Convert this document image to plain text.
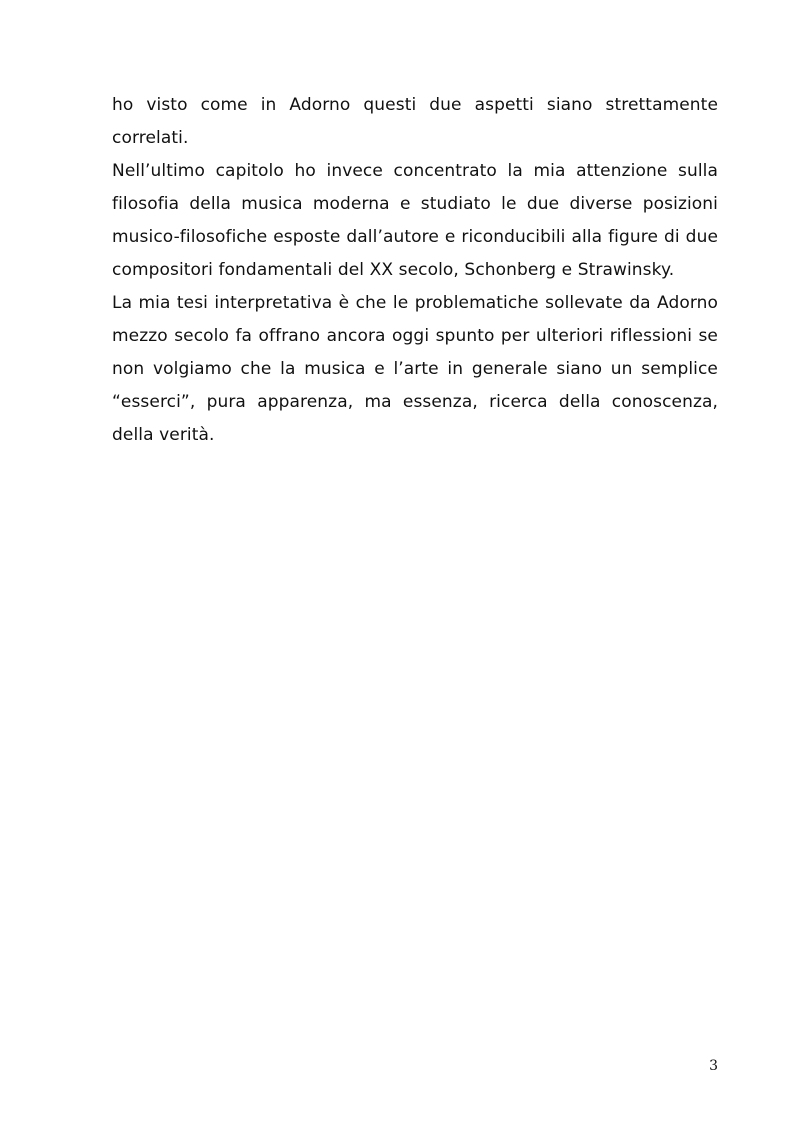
ho visto come in Adorno questi due aspetti siano strettamente correlati.

Nell’ultimo capitolo ho invece concentrato la mia attenzione sulla filosofia della musica moderna e studiato le due diverse posizioni musico-filosofiche esposte dall’autore e riconducibili alla figure di due compositori fondamentali del XX secolo, Schonberg e Strawinsky.

La mia tesi interpretativa è che le problematiche sollevate da Adorno mezzo secolo fa offrano ancora oggi spunto per ulteriori riflessioni se non volgiamo che la musica e l’arte in generale siano un semplice “esserci”, pura apparenza, ma essenza, ricerca della conoscenza, della verità.

3
